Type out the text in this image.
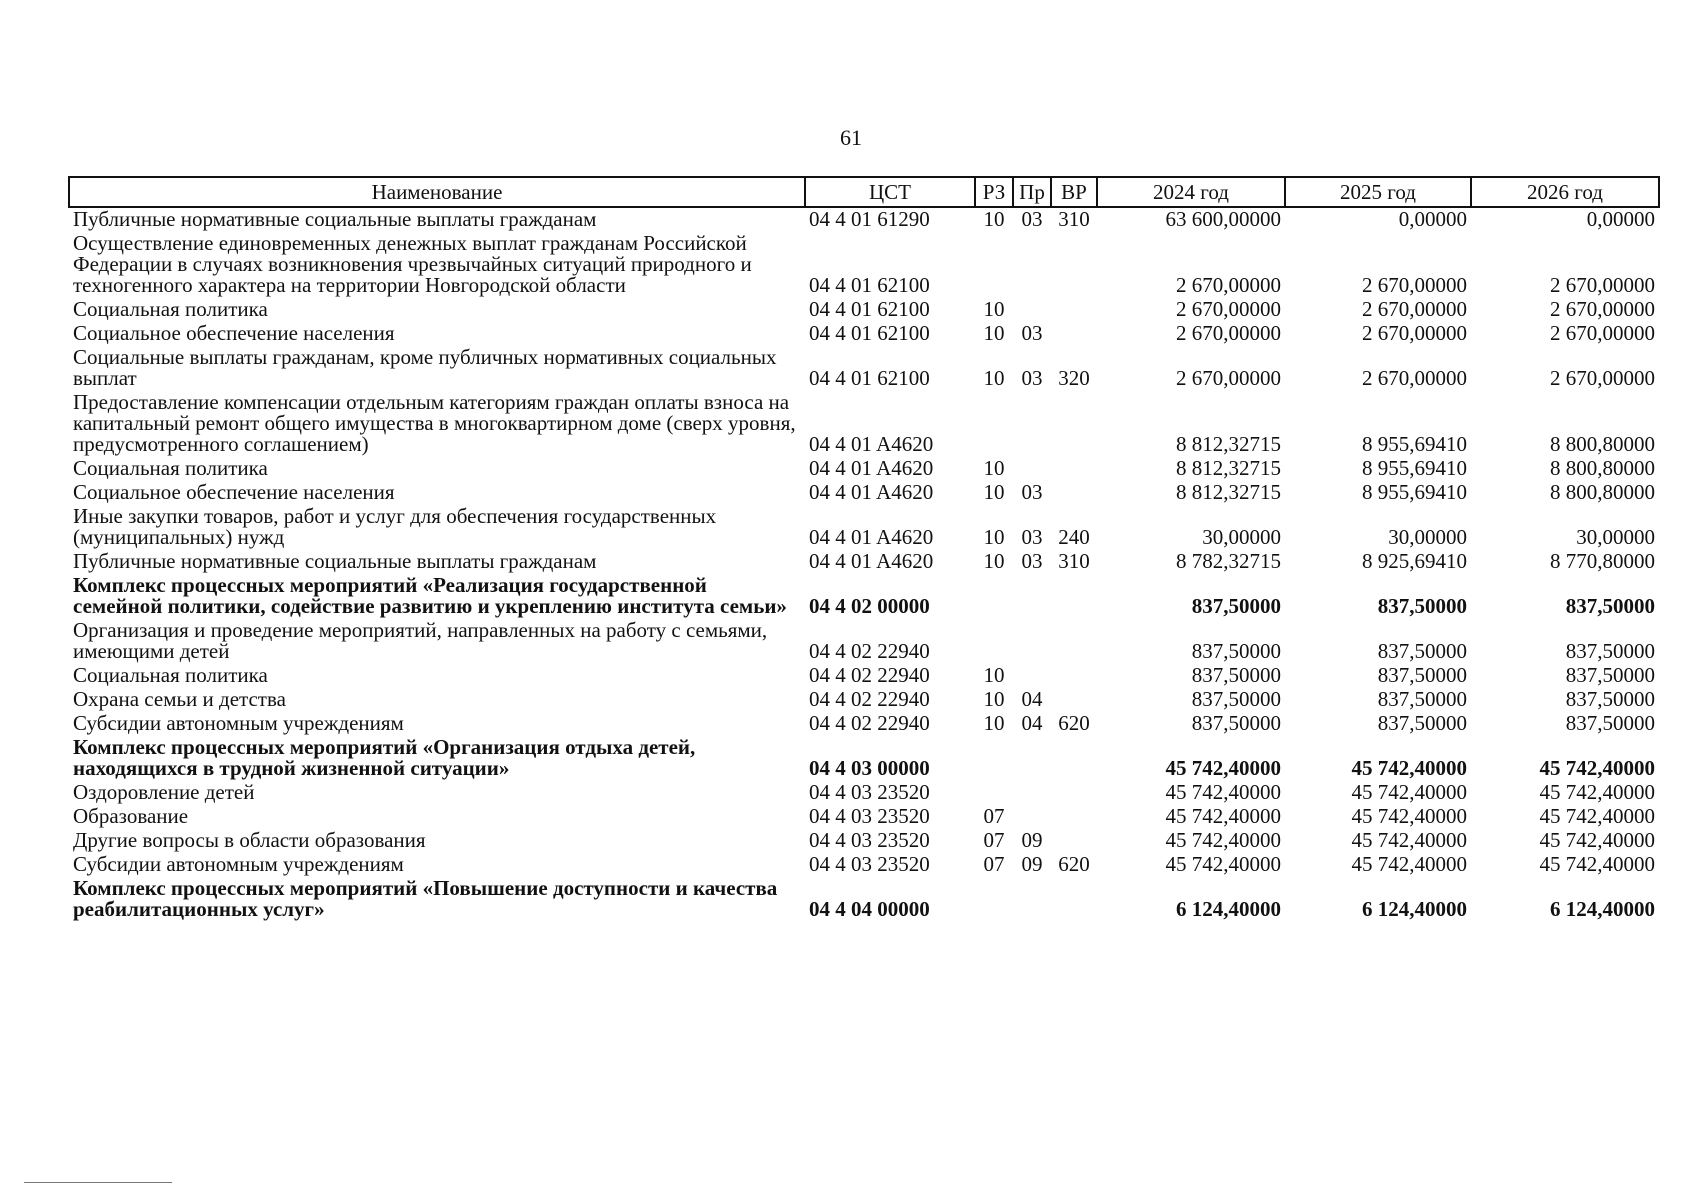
61
Наименование	ЦСТ	РЗ	Пр	ВР	2024 год	2025 год	2026 год
Публичные нормативные социальные выплаты гражданам	04 4 01 61290	10	03	310	63 600,00000	0,00000	0,00000
Осуществление единовременных денежных выплат гражданам Российской Федерации в случаях возникновения чрезвычайных ситуаций природного и техногенного характера на территории Новгородской области	04 4 01 62100				2 670,00000	2 670,00000	2 670,00000
Социальная политика	04 4 01 62100	10			2 670,00000	2 670,00000	2 670,00000
Социальное обеспечение населения	04 4 01 62100	10	03		2 670,00000	2 670,00000	2 670,00000
Социальные выплаты гражданам, кроме публичных нормативных социальных выплат	04 4 01 62100	10	03	320	2 670,00000	2 670,00000	2 670,00000
Предоставление компенсации отдельным категориям граждан оплаты взноса на капитальный ремонт общего имущества в многоквартирном доме (сверх уровня, предусмотренного соглашением)	04 4 01 A4620				8 812,32715	8 955,69410	8 800,80000
Социальная политика	04 4 01 A4620	10			8 812,32715	8 955,69410	8 800,80000
Социальное обеспечение населения	04 4 01 A4620	10	03		8 812,32715	8 955,69410	8 800,80000
Иные закупки товаров, работ и услуг для обеспечения государственных (муниципальных) нужд	04 4 01 A4620	10	03	240	30,00000	30,00000	30,00000
Публичные нормативные социальные выплаты гражданам	04 4 01 A4620	10	03	310	8 782,32715	8 925,69410	8 770,80000
Комплекс процессных мероприятий «Реализация государственной семейной политики, содействие развитию и укреплению института семьи»	04 4 02 00000				837,50000	837,50000	837,50000
Организация и проведение мероприятий, направленных на работу с семьями, имеющими детей	04 4 02 22940				837,50000	837,50000	837,50000
Социальная политика	04 4 02 22940	10			837,50000	837,50000	837,50000
Охрана семьи и детства	04 4 02 22940	10	04		837,50000	837,50000	837,50000
Субсидии автономным учреждениям	04 4 02 22940	10	04	620	837,50000	837,50000	837,50000
Комплекс процессных мероприятий «Организация отдыха детей, находящихся в трудной жизненной ситуации»	04 4 03 00000				45 742,40000	45 742,40000	45 742,40000
Оздоровление детей	04 4 03 23520				45 742,40000	45 742,40000	45 742,40000
Образование	04 4 03 23520	07			45 742,40000	45 742,40000	45 742,40000
Другие вопросы в области образования	04 4 03 23520	07	09		45 742,40000	45 742,40000	45 742,40000
Субсидии автономным учреждениям	04 4 03 23520	07	09	620	45 742,40000	45 742,40000	45 742,40000
Комплекс процессных мероприятий «Повышение доступности и качества реабилитационных услуг»	04 4 04 00000				6 124,40000	6 124,40000	6 124,40000
